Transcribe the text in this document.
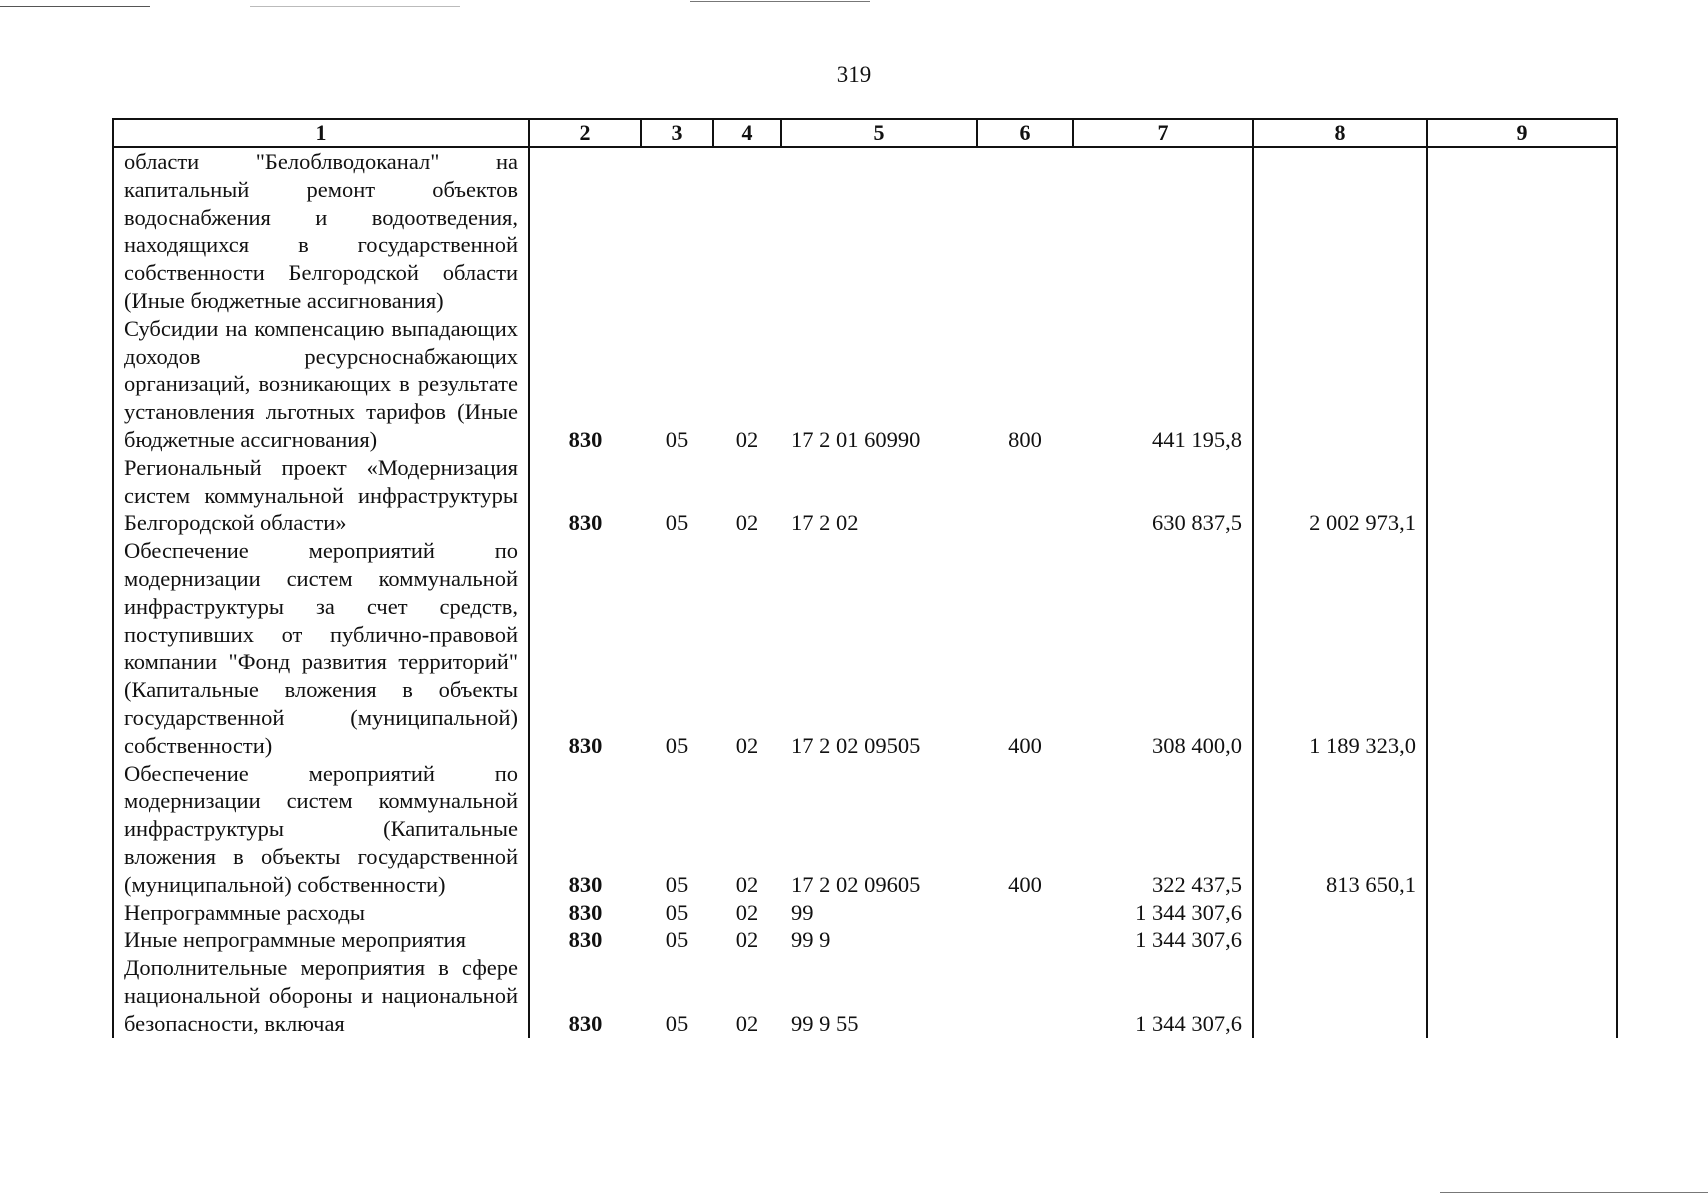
319
1	2	3	4	5	6	7	8	9
области "Белоблводоканал" на капитальный ремонт объектов водоснабжения и водоотведения, находящихся в государственной собственности Белгородской области (Иные бюджетные ассигнования)								
Субсидии на компенсацию выпадающих доходов ресурсноснабжающих организаций, возникающих в результате установления льготных тарифов (Иные бюджетные ассигнования)	830	05	02	17 2 01 60990	800	441 195,8		
Региональный проект «Модернизация систем коммунальной инфраструктуры Белгородской области»	830	05	02	17 2 02		630 837,5	2 002 973,1	
Обеспечение мероприятий по модернизации систем коммунальной инфраструктуры за счет средств, поступивших от публично-правовой компании "Фонд развития территорий" (Капитальные вложения в объекты государственной (муниципальной) собственности)	830	05	02	17 2 02 09505	400	308 400,0	1 189 323,0	
Обеспечение мероприятий по модернизации систем коммунальной инфраструктуры (Капитальные вложения в объекты государственной (муниципальной) собственности)	830	05	02	17 2 02 09605	400	322 437,5	813 650,1	
Непрограммные расходы	830	05	02	99		1 344 307,6		
Иные непрограммные мероприятия	830	05	02	99 9		1 344 307,6		
Дополнительные мероприятия в сфере национальной обороны и национальной безопасности, включая	830	05	02	99 9 55		1 344 307,6		
